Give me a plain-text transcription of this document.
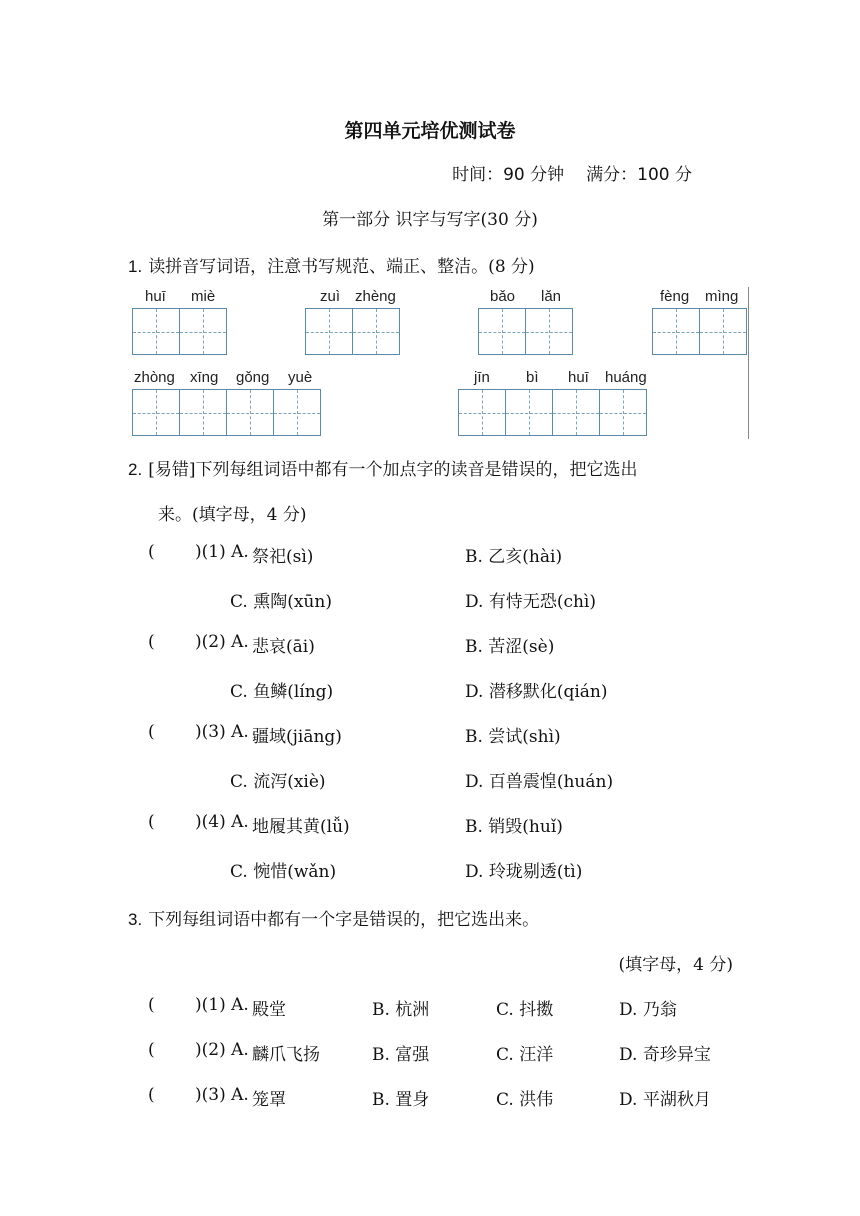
第四单元培优测试卷
时间：90 分钟 满分：100 分
第一部分 识字与写字(30 分)
1. 读拼音写词语，注意书写规范、端正、整洁。(8 分)
huī miè	zuì zhèng	bǎo lǎn	fèng mìng
zhòng xīng gǒng yuè	jīn bì huī huáng
2. [易错]下列每组词语中都有一个加点字的读音是错误的，把它选出
来。(填字母，4 分)
( )(1) A. 祭祀(sì)	B. 乙亥(hài)
C. 熏陶(xūn)	D. 有恃无恐(chì)
( )(2) A. 悲哀(āi)	B. 苦涩(sè)
C. 鱼鳞(líng)	D. 潜移默化(qián)
( )(3) A. 疆域(jiāng)	B. 尝试(shì)
C. 流泻(xiè)	D. 百兽震惶(huán)
( )(4) A. 地履其黄(lǚ)	B. 销毁(huǐ)
C. 惋惜(wǎn)	D. 玲珑剔透(tì)
3. 下列每组词语中都有一个字是错误的，把它选出来。
(填字母，4 分)
( )(1) A. 殿堂	B. 杭洲	C. 抖擞	D. 乃翁
( )(2) A. 麟爪飞扬	B. 富强	C. 汪洋	D. 奇珍异宝
( )(3) A. 笼罩	B. 置身	C. 洪伟	D. 平湖秋月
